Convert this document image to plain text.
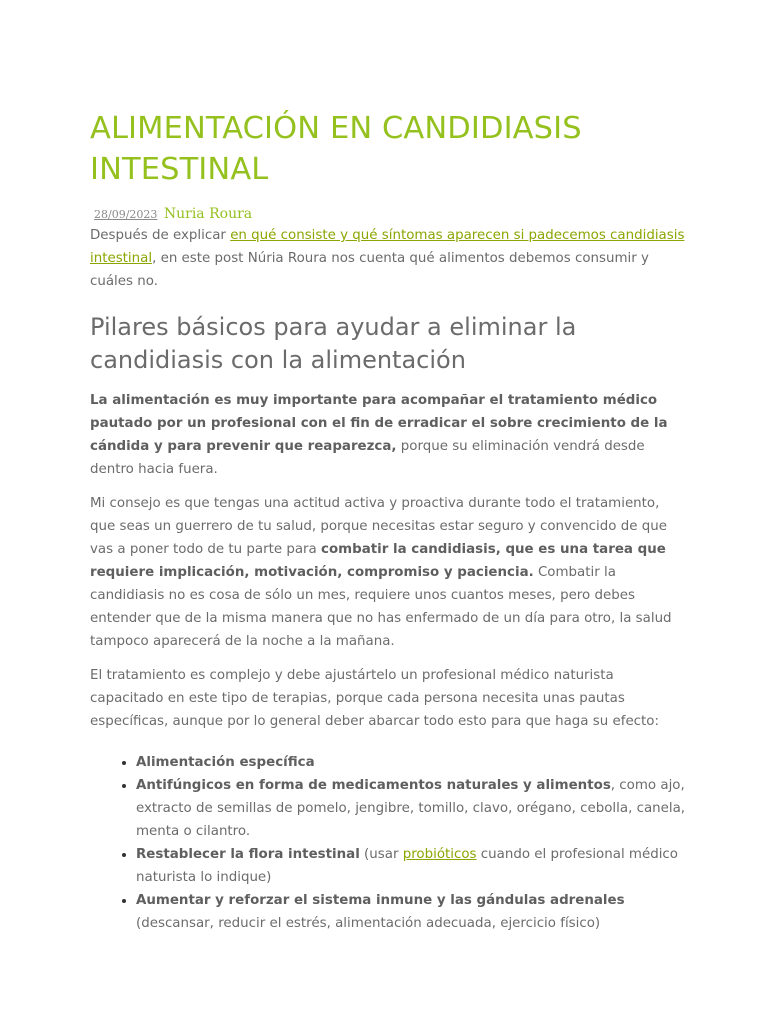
ALIMENTACIÓN EN CANDIDIASIS
INTESTINAL
28/09/2023 Nuria Roura

Después de explicar en qué consiste y qué síntomas aparecen si padecemos candidiasis intestinal, en este post Núria Roura nos cuenta qué alimentos debemos consumir y cuáles no.

Pilares básicos para ayudar a eliminar la candidiasis con la alimentación

La alimentación es muy importante para acompañar el tratamiento médico pautado por un profesional con el fin de erradicar el sobre crecimiento de la cándida y para prevenir que reaparezca, porque su eliminación vendrá desde dentro hacia fuera.

Mi consejo es que tengas una actitud activa y proactiva durante todo el tratamiento, que seas un guerrero de tu salud, porque necesitas estar seguro y convencido de que vas a poner todo de tu parte para combatir la candidiasis, que es una tarea que requiere implicación, motivación, compromiso y paciencia. Combatir la candidiasis no es cosa de sólo un mes, requiere unos cuantos meses, pero debes entender que de la misma manera que no has enfermado de un día para otro, la salud tampoco aparecerá de la noche a la mañana.

El tratamiento es complejo y debe ajustártelo un profesional médico naturista capacitado en este tipo de terapias, porque cada persona necesita unas pautas específicas, aunque por lo general deber abarcar todo esto para que haga su efecto:

• Alimentación específica
• Antifúngicos en forma de medicamentos naturales y alimentos, como ajo, extracto de semillas de pomelo, jengibre, tomillo, clavo, orégano, cebolla, canela, menta o cilantro.
• Restablecer la flora intestinal (usar probióticos cuando el profesional médico naturista lo indique)
• Aumentar y reforzar el sistema inmune y las gándulas adrenales (descansar, reducir el estrés, alimentación adecuada, ejercicio físico)
